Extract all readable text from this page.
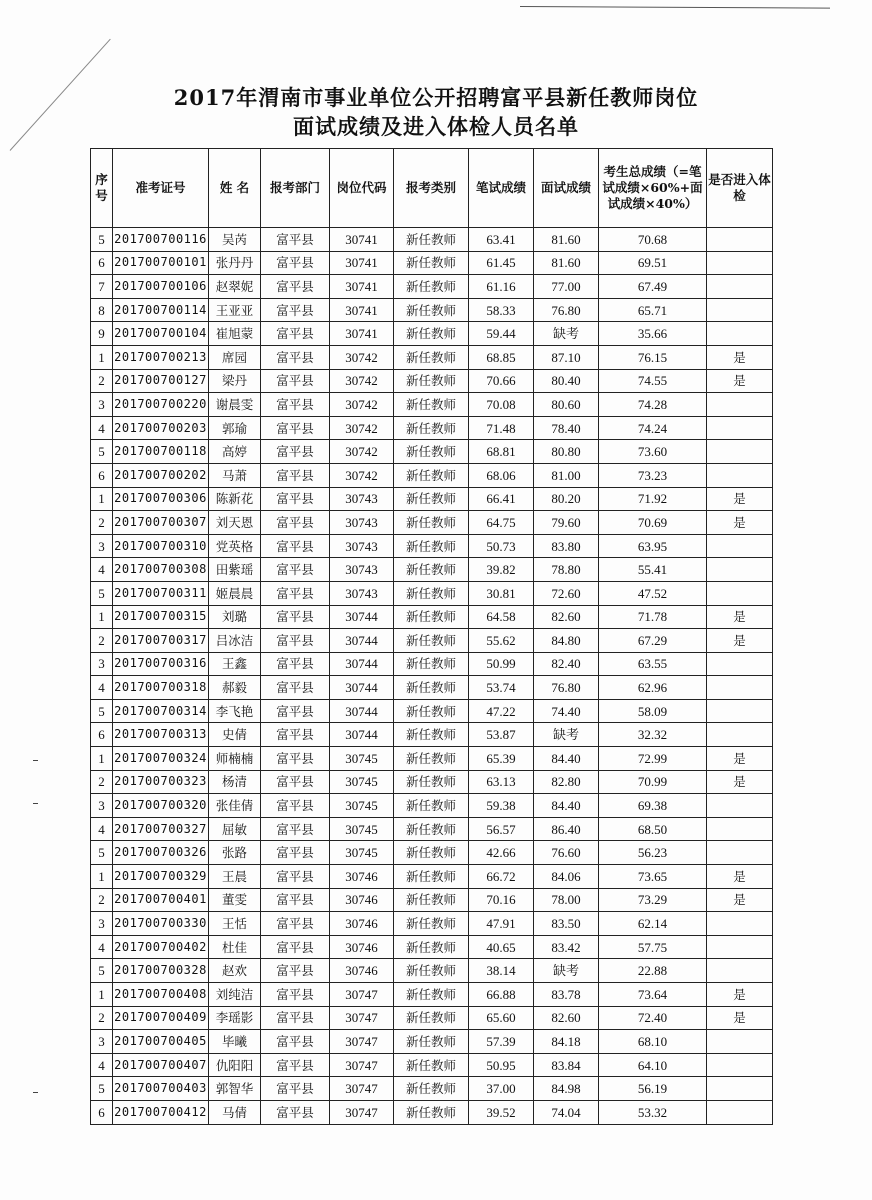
2017年渭南市事业单位公开招聘富平县新任教师岗位
面试成绩及进入体检人员名单
序号	准考证号	姓 名	报考部门	岗位代码	报考类别	笔试成绩	面试成绩	考生总成绩（=笔试成绩×60%+面试成绩×40%）	是否进入体检
5	201700700116	吴芮	富平县	30741	新任教师	63.41	81.60	70.68	
6	201700700101	张丹丹	富平县	30741	新任教师	61.45	81.60	69.51	
7	201700700106	赵翠妮	富平县	30741	新任教师	61.16	77.00	67.49	
8	201700700114	王亚亚	富平县	30741	新任教师	58.33	76.80	65.71	
9	201700700104	崔旭蒙	富平县	30741	新任教师	59.44	缺考	35.66	
1	201700700213	席园	富平县	30742	新任教师	68.85	87.10	76.15	是
2	201700700127	梁丹	富平县	30742	新任教师	70.66	80.40	74.55	是
3	201700700220	谢晨雯	富平县	30742	新任教师	70.08	80.60	74.28	
4	201700700203	郭瑜	富平县	30742	新任教师	71.48	78.40	74.24	
5	201700700118	高婷	富平县	30742	新任教师	68.81	80.80	73.60	
6	201700700202	马萧	富平县	30742	新任教师	68.06	81.00	73.23	
1	201700700306	陈新花	富平县	30743	新任教师	66.41	80.20	71.92	是
2	201700700307	刘天恩	富平县	30743	新任教师	64.75	79.60	70.69	是
3	201700700310	党英格	富平县	30743	新任教师	50.73	83.80	63.95	
4	201700700308	田紫瑶	富平县	30743	新任教师	39.82	78.80	55.41	
5	201700700311	姬晨晨	富平县	30743	新任教师	30.81	72.60	47.52	
1	201700700315	刘璐	富平县	30744	新任教师	64.58	82.60	71.78	是
2	201700700317	吕冰洁	富平县	30744	新任教师	55.62	84.80	67.29	是
3	201700700316	王鑫	富平县	30744	新任教师	50.99	82.40	63.55	
4	201700700318	郝毅	富平县	30744	新任教师	53.74	76.80	62.96	
5	201700700314	李飞艳	富平县	30744	新任教师	47.22	74.40	58.09	
6	201700700313	史倩	富平县	30744	新任教师	53.87	缺考	32.32	
1	201700700324	师楠楠	富平县	30745	新任教师	65.39	84.40	72.99	是
2	201700700323	杨清	富平县	30745	新任教师	63.13	82.80	70.99	是
3	201700700320	张佳倩	富平县	30745	新任教师	59.38	84.40	69.38	
4	201700700327	屈敏	富平县	30745	新任教师	56.57	86.40	68.50	
5	201700700326	张路	富平县	30745	新任教师	42.66	76.60	56.23	
1	201700700329	王晨	富平县	30746	新任教师	66.72	84.06	73.65	是
2	201700700401	董雯	富平县	30746	新任教师	70.16	78.00	73.29	是
3	201700700330	王恬	富平县	30746	新任教师	47.91	83.50	62.14	
4	201700700402	杜佳	富平县	30746	新任教师	40.65	83.42	57.75	
5	201700700328	赵欢	富平县	30746	新任教师	38.14	缺考	22.88	
1	201700700408	刘纯洁	富平县	30747	新任教师	66.88	83.78	73.64	是
2	201700700409	李瑶影	富平县	30747	新任教师	65.60	82.60	72.40	是
3	201700700405	毕曦	富平县	30747	新任教师	57.39	84.18	68.10	
4	201700700407	仇阳阳	富平县	30747	新任教师	50.95	83.84	64.10	
5	201700700403	郭智华	富平县	30747	新任教师	37.00	84.98	56.19	
6	201700700412	马倩	富平县	30747	新任教师	39.52	74.04	53.32	
